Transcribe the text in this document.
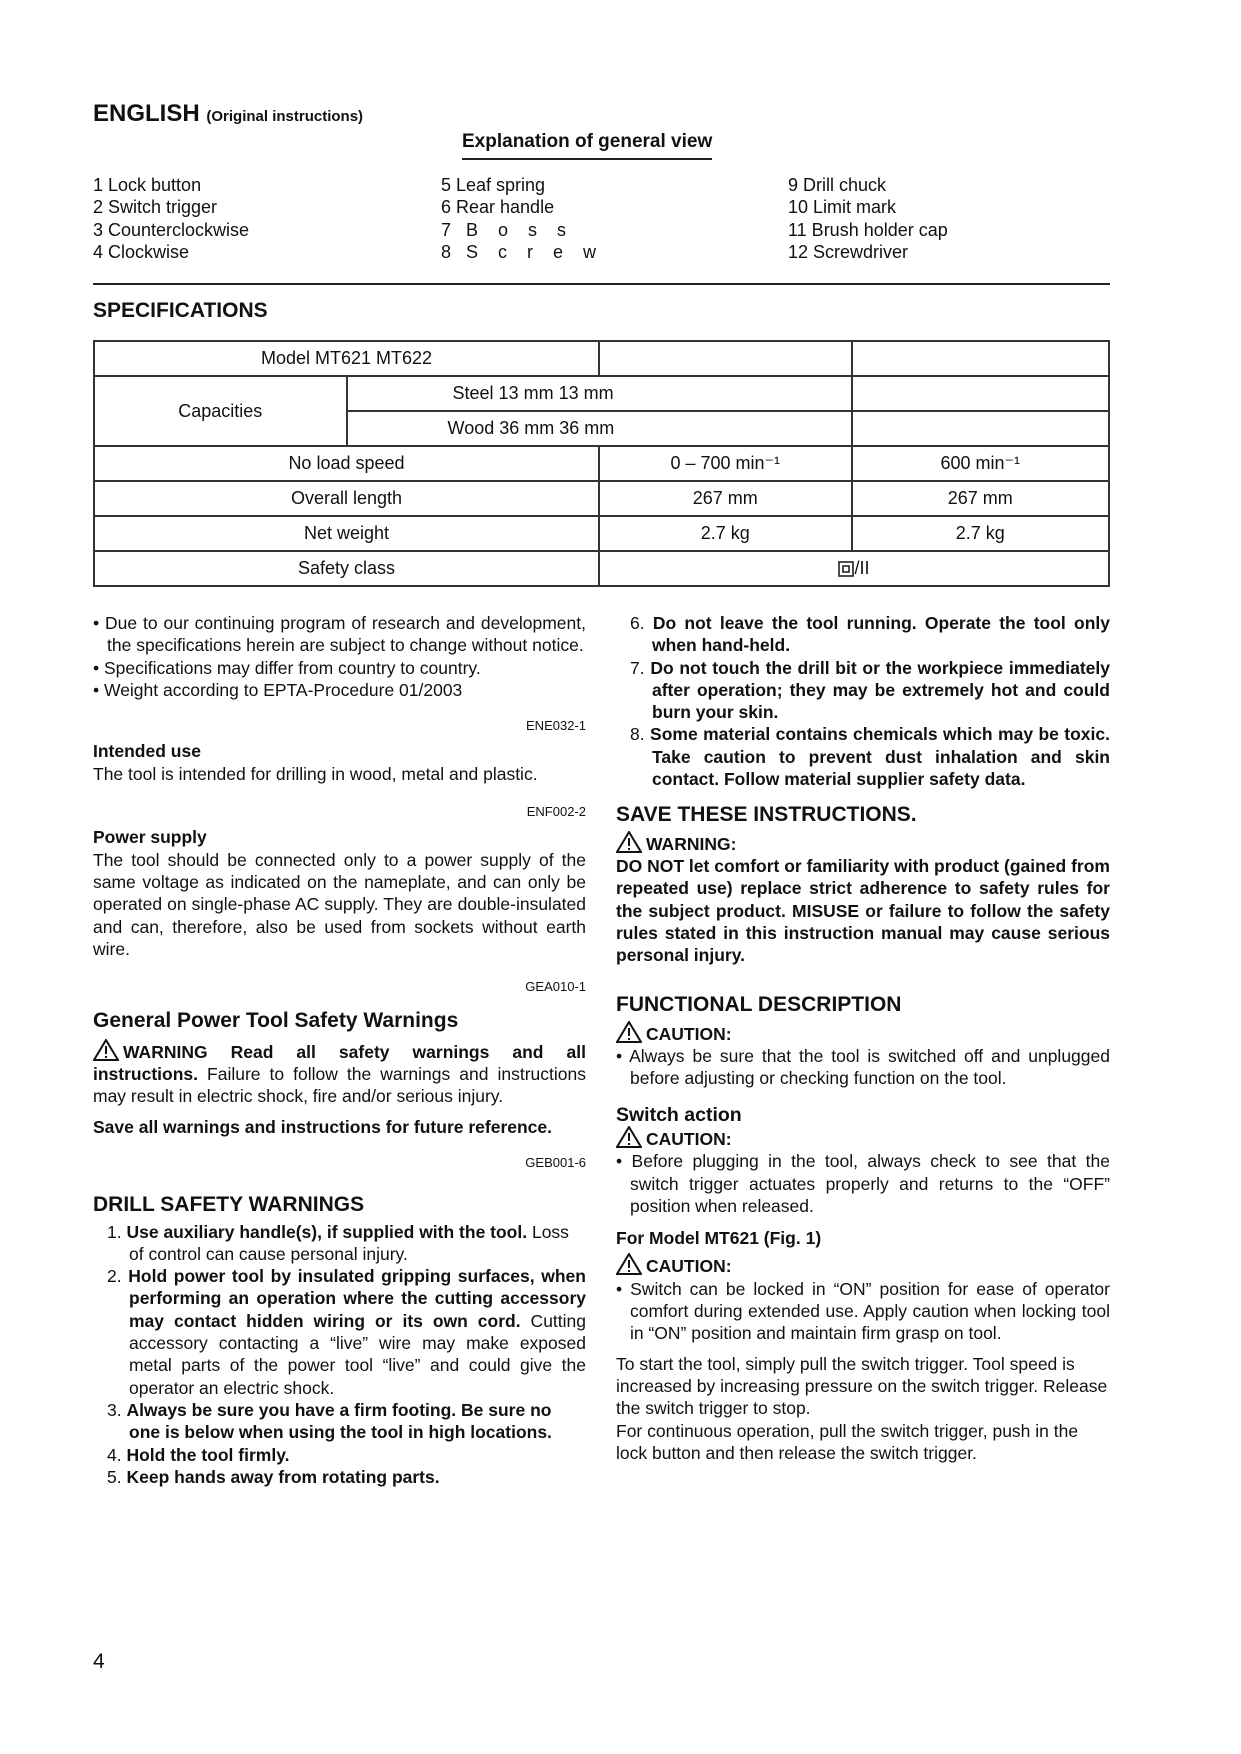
ENGLISH (Original instructions)
Explanation of general view
1 Lock button
2 Switch trigger
3 Counterclockwise
4 Clockwise
5 Leaf spring
6 Rear handle
7   B    o    s    s
8   S    c    r    e    w
9 Drill chuck
10 Limit mark
11 Brush holder cap
12 Screwdriver
SPECIFICATIONS
Model MT621 MT622			
Capacities	Steel 13 mm 13 mm		
	Wood 36 mm 36 mm		
No load speed		0 – 700 min⁻¹	600 min⁻¹
Overall length		267 mm	267 mm
Net weight		2.7 kg	2.7 kg
Safety class		/II	

• Due to our continuing program of research and development, the specifications herein are subject to change without notice.

• Specifications may differ from country to country.

• Weight according to EPTA-Procedure 01/2003

ENE032-1

Intended use

The tool is intended for drilling in wood, metal and plastic.

ENF002-2

Power supply

The tool should be connected only to a power supply of the same voltage as indicated on the nameplate, and can only be operated on single-phase AC supply. They are double-insulated and can, therefore, also be used from sockets without earth wire.

GEA010-1

General Power Tool Safety Warnings

WARNING Read all safety warnings and all instructions. Failure to follow the warnings and instructions may result in electric shock, fire and/or serious injury.

Save all warnings and instructions for future reference.

GEB001-6

DRILL SAFETY WARNINGS

1. Use auxiliary handle(s), if supplied with the tool. Loss of control can cause personal injury.

2. Hold power tool by insulated gripping surfaces, when performing an operation where the cutting accessory may contact hidden wiring or its own cord. Cutting accessory contacting a “live” wire may make exposed metal parts of the power tool “live” and could give the operator an electric shock.

3. Always be sure you have a firm footing. Be sure no one is below when using the tool in high locations.

4. Hold the tool firmly.

5. Keep hands away from rotating parts.

6. Do not leave the tool running. Operate the tool only when hand-held.

7. Do not touch the drill bit or the workpiece immediately after operation; they may be extremely hot and could burn your skin.

8. Some material contains chemicals which may be toxic. Take caution to prevent dust inhalation and skin contact. Follow material supplier safety data.

SAVE THESE INSTRUCTIONS.

WARNING:

DO NOT let comfort or familiarity with product (gained from repeated use) replace strict adherence to safety rules for the subject product. MISUSE or failure to follow the safety rules stated in this instruction manual may cause serious personal injury.

FUNCTIONAL DESCRIPTION

CAUTION:

• Always be sure that the tool is switched off and unplugged before adjusting or checking function on the tool.

Switch action

CAUTION:

• Before plugging in the tool, always check to see that the switch trigger actuates properly and returns to the “OFF” position when released.

For Model MT621 (Fig. 1)

CAUTION:

• Switch can be locked in “ON” position for ease of operator comfort during extended use. Apply caution when locking tool in “ON” position and maintain firm grasp on tool.

To start the tool, simply pull the switch trigger. Tool speed is increased by increasing pressure on the switch trigger. Release the switch trigger to stop.

For continuous operation, pull the switch trigger, push in the lock button and then release the switch trigger.

4
